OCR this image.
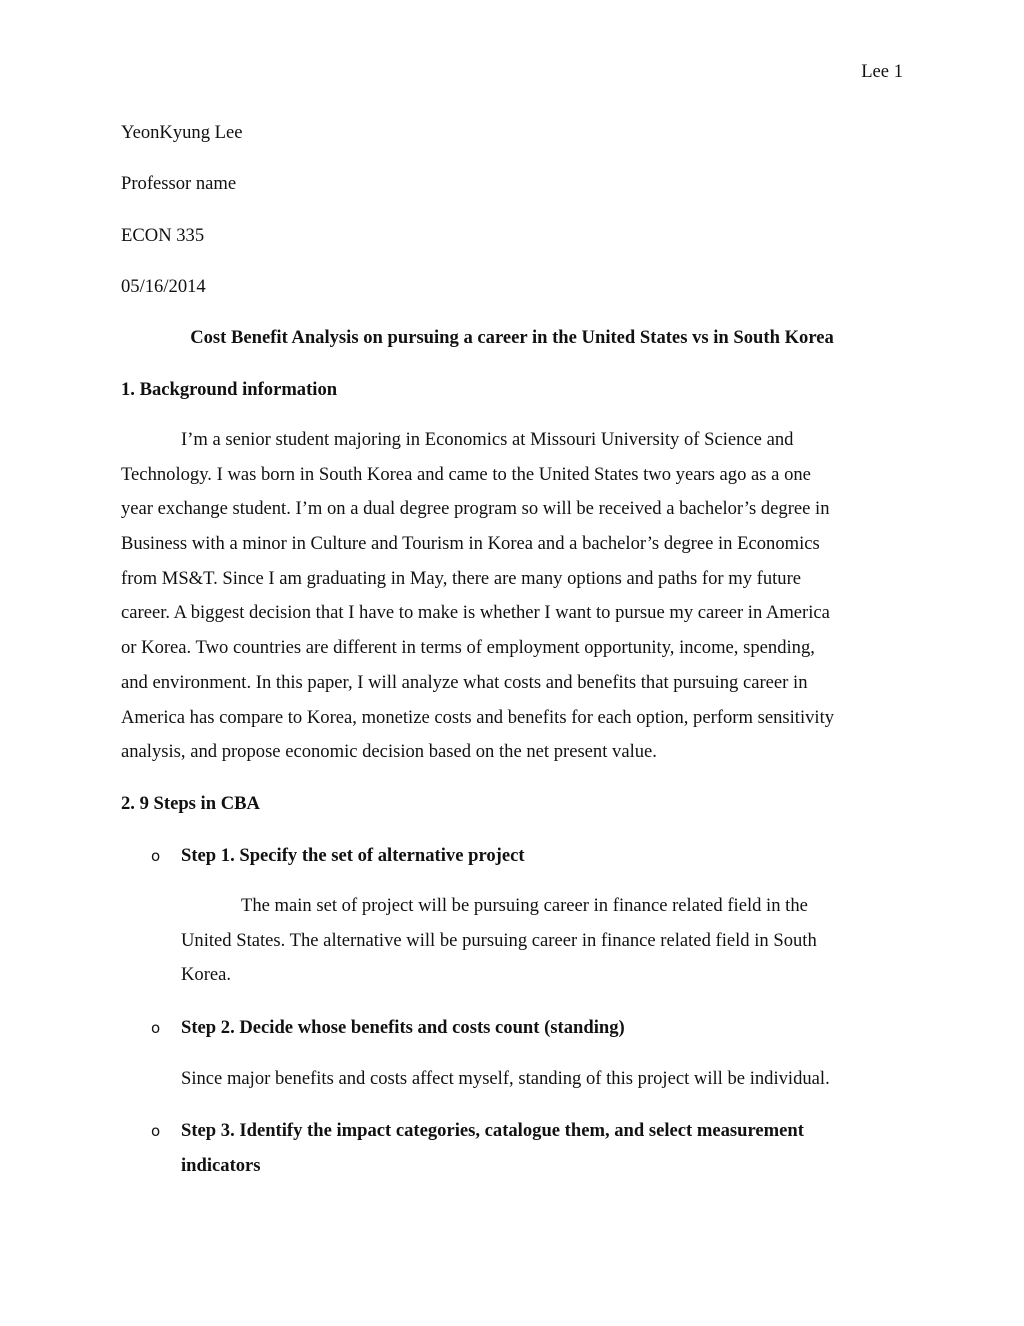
Lee 1
YeonKyung Lee
Professor name
ECON 335
05/16/2014
Cost Benefit Analysis on pursuing a career in the United States vs in South Korea
1. Background information
I’m a senior student majoring in Economics at Missouri University of Science and
Technology. I was born in South Korea and came to the United States two years ago as a one
year exchange student. I’m on a dual degree program so will be received a bachelor’s degree in
Business with a minor in Culture and Tourism in Korea and a bachelor’s degree in Economics
from MS&T. Since I am graduating in May, there are many options and paths for my future
career. A biggest decision that I have to make is whether I want to pursue my career in America
or Korea. Two countries are different in terms of employment opportunity, income, spending,
and environment. In this paper, I will analyze what costs and benefits that pursuing career in
America has compare to Korea, monetize costs and benefits for each option, perform sensitivity
analysis, and propose economic decision based on the net present value.
2. 9 Steps in CBA
o Step 1. Specify the set of alternative project
The main set of project will be pursuing career in finance related field in the
United States. The alternative will be pursuing career in finance related field in South
Korea.
o Step 2. Decide whose benefits and costs count (standing)
Since major benefits and costs affect myself, standing of this project will be individual.
o Step 3. Identify the impact categories, catalogue them, and select measurement
indicators
